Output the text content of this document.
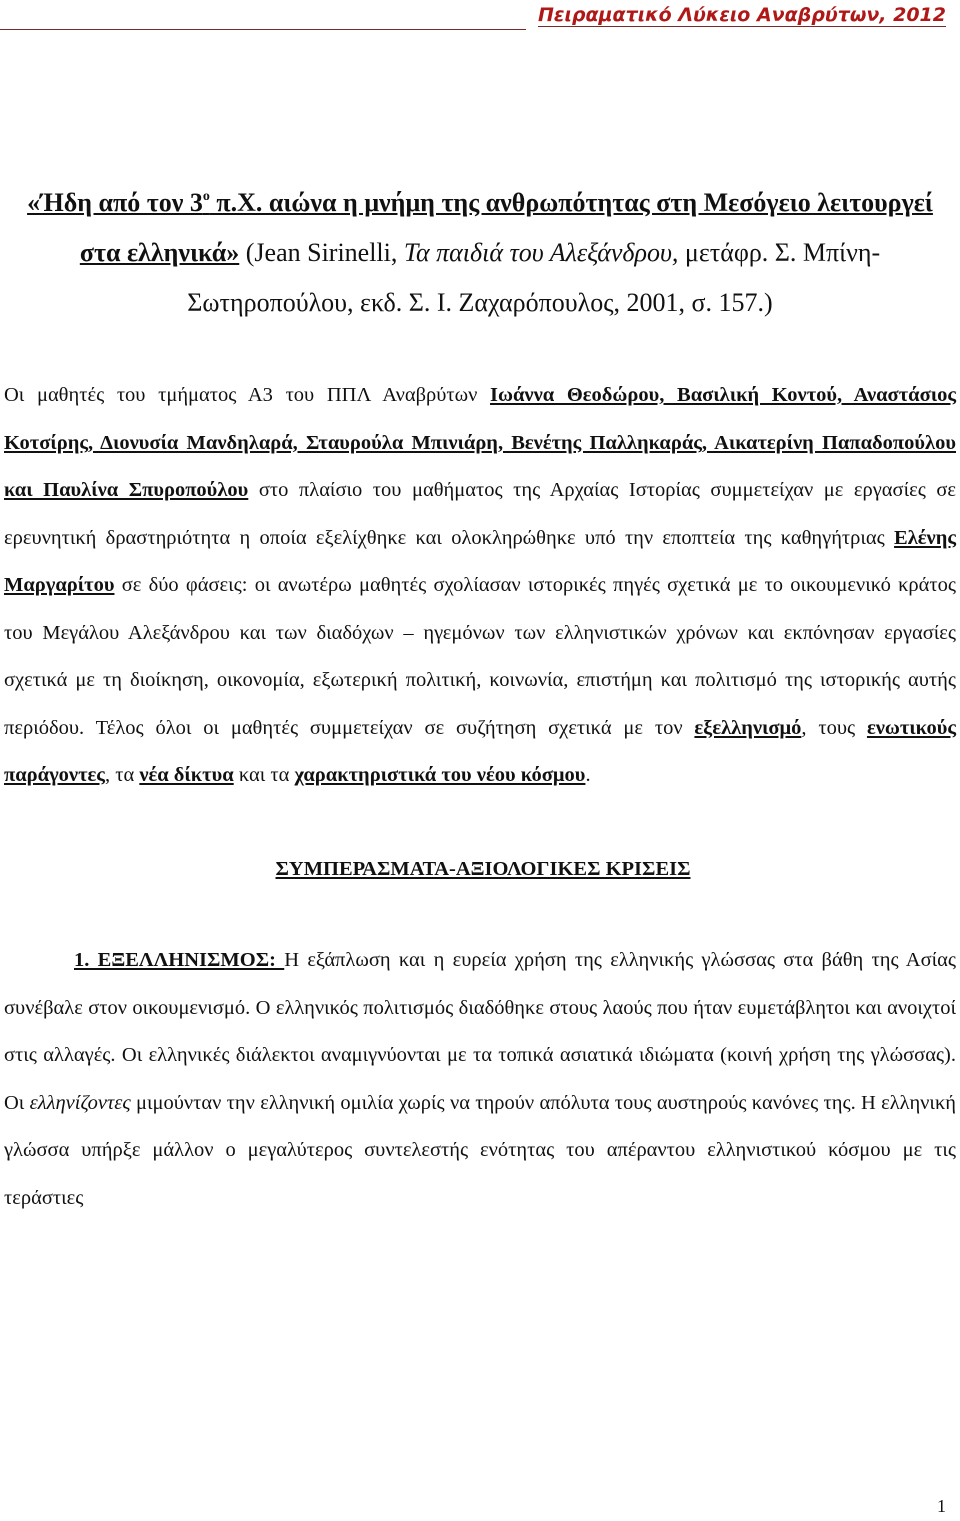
Πειραματικό Λύκειο Αναβρύτων, 2012

«Ήδη από τον $3^o$ π.Χ. αιώνα η μνήμη της ανθρωπότητας στη Μεσόγειο λειτουργεί στα ελληνικά» (Jean Sirinelli, Τα παιδιά του Αλεξάνδρου, μετάφρ. Σ. Μπίνη-Σωτηροπούλου, εκδ. Σ. Ι. Ζαχαρόπουλος, 2001, σ. 157.)

Οι μαθητές του τμήματος Α3 του ΠΠΛ Αναβρύτων Ιωάννα Θεοδώρου, Βασιλική Κοντού, Αναστάσιος Κοτσίρης, Διονυσία Μανδηλαρά, Σταυρούλα Μπινιάρη, Βενέτης Παλληκαράς, Αικατερίνη Παπαδοπούλου και Παυλίνα Σπυροπούλου στο πλαίσιο του μαθήματος της Αρχαίας Ιστορίας συμμετείχαν με εργασίες σε ερευνητική δραστηριότητα η οποία εξελίχθηκε και ολοκληρώθηκε υπό την εποπτεία της καθηγήτριας Ελένης Μαργαρίτου σε δύο φάσεις: οι ανωτέρω μαθητές σχολίασαν ιστορικές πηγές σχετικά με το οικουμενικό κράτος του Μεγάλου Αλεξάνδρου και των διαδόχων – ηγεμόνων των ελληνιστικών χρόνων και εκπόνησαν εργασίες σχετικά με τη διοίκηση, οικονομία, εξωτερική πολιτική, κοινωνία, επιστήμη και πολιτισμό της ιστορικής αυτής περιόδου. Τέλος όλοι οι μαθητές συμμετείχαν σε συζήτηση σχετικά με τον εξελληνισμό, τους ενωτικούς παράγοντες, τα νέα δίκτυα και τα χαρακτηριστικά του νέου κόσμου.

ΣΥΜΠΕΡΑΣΜΑΤΑ-ΑΞΙΟΛΟΓΙΚΕΣ ΚΡΙΣΕΙΣ

1. ΕΞΕΛΛΗΝΙΣΜΟΣ: Η εξάπλωση και η ευρεία χρήση της ελληνικής γλώσσας στα βάθη της Ασίας συνέβαλε στον οικουμενισμό. Ο ελληνικός πολιτισμός διαδόθηκε στους λαούς που ήταν ευμετάβλητοι και ανοιχτοί στις αλλαγές. Οι ελληνικές διάλεκτοι αναμιγνύονται με τα τοπικά ασιατικά ιδιώματα (κοινή χρήση της γλώσσας). Οι ελληνίζοντες μιμούνταν την ελληνική ομιλία χωρίς να τηρούν απόλυτα τους αυστηρούς κανόνες της. Η ελληνική γλώσσα υπήρξε μάλλον ο μεγαλύτερος συντελεστής ενότητας του απέραντου ελληνιστικού κόσμου με τις τεράστιες

1
